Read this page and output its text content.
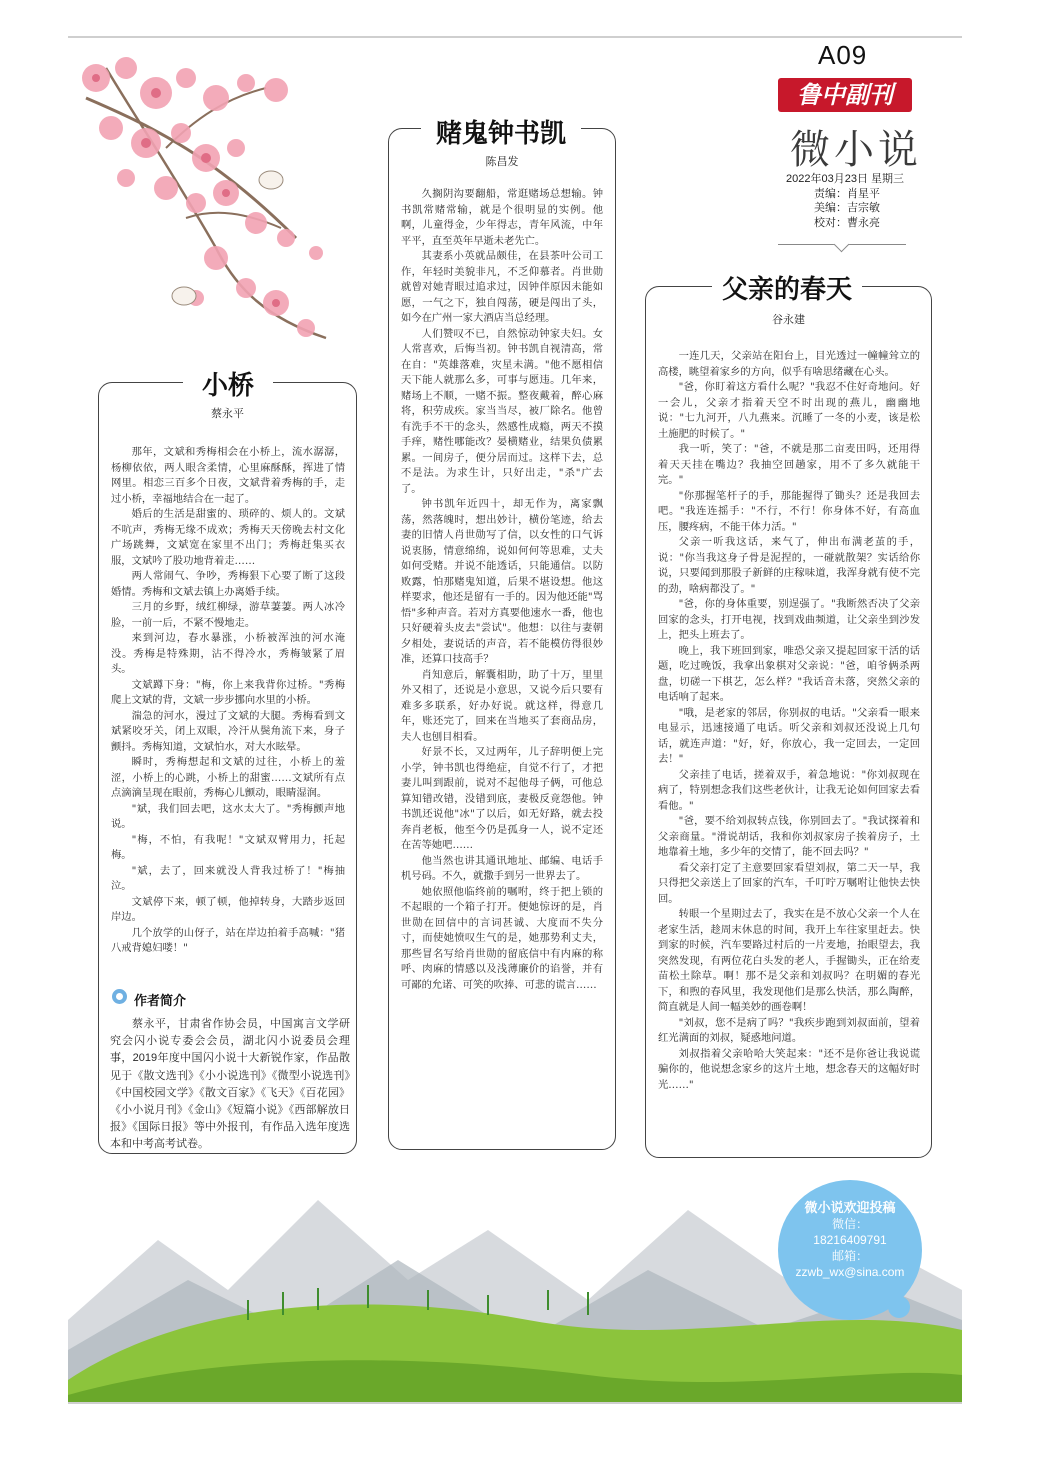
A09
鲁中副刊
微小说
2022年03月23日 星期三
责编：肖星平
美编：吉宗敏
校对：曹永亮
小桥
蔡永平

那年，文斌和秀梅相会在小桥上，流水潺潺，杨柳依依，两人眼含柔情，心里麻酥酥，挥进了情网里。相恋三百多个日夜，文斌背着秀梅的手，走过小桥，幸福地结合在一起了。

婚后的生活是甜蜜的、琐碎的、烦人的。文斌不吭声，秀梅无缘不成欢；秀梅天天傍晚去村文化广场跳舞，文斌宽在家里不出门；秀梅赶集买衣服，文斌吟了股功地背着走……

两人常闹气、争吵，秀梅狠下心要了断了这段婚情。秀梅和文斌去镇上办离婚手续。

三月的乡野，绒红柳绿，游草萋萋。两人冰冷脸，一前一后，不紧不慢地走。

来到河边，春水暴涨，小桥被浑浊的河水淹没。秀梅是特殊期，沾不得冷水，秀梅皱紧了眉头。

文斌蹲下身："梅，你上来我背你过桥。"秀梅爬上文斌的背，文斌一步步挪向水里的小桥。

湍急的河水，漫过了文斌的大腿。秀梅看到文斌紧咬牙关，闭上双眼，冷汗从鬓角流下来，身子颤抖。秀梅知道，文斌怕水，对大水眩晕。

瞬时，秀梅想起和文斌的过往，小桥上的羞涩，小桥上的心跳，小桥上的甜蜜……文斌所有点点滴滴呈现在眼前，秀梅心儿颤动，眼睛湿润。

"斌，我们回去吧，这水太大了。"秀梅颤声地说。

"梅，不怕，有我呢！"文斌双臂用力，托起梅。

"斌，去了，回来就没人背我过桥了！"梅抽泣。

文斌停下来，顿了顿，他掉转身，大踏步返回岸边。

几个放学的山伢子，站在岸边拍着手高喊："猪八戒背媳妇喽！"

作者简介

蔡永平，甘肃省作协会员，中国寓言文学研究会闪小说专委会会员，湖北闪小说委员会理事，2019年度中国闪小说十大新锐作家，作品散见于《散文选刊》《小小说选刊》《微型小说选刊》《中国校园文学》《散文百家》《飞天》《百花园》《小小说月刊》《金山》《短篇小说》《西部解放日报》《国际日报》等中外报刊，有作品入选年度选本和中考高考试卷。

赌鬼钟书凯
陈昌发

久搁阴沟要翻船，常逛赌场总想输。钟书凯常赌常输，就是个很明显的实例。他啊，儿童得金，少年得志，青年风流，中年平平，直至英年早逝未老先亡。

其妻系小英就品颇佳，在县茶叶公司工作，年轻时美貌非凡，不乏仰慕者。肖世勋就曾对她青眼过追求过，因钟伴原因未能如愿，一气之下，独自闯荡，硬是闯出了头，如今在广州一家大酒店当总经理。

人们赞叹不已，自然惊动钟家夫妇。女人常喜欢，后悔当初。钟书凯自视清高，常在自："英雄落难，灾星未满。"他不愿相信天下能人就那么多，可事与愿违。几年来，赌场上不顺，一赌不振。整夜戴着，醉心麻将，积劳成疾。家当当尽，被厂除名。他曾有洗手不干的念头，然感性成瘾，两天不摸手痒，赌性哪能改？晏横赌业，结果负债累累。一间房子，便分居而过。这样下去，总不是法。为求生计，只好出走，"杀"广去了。

钟书凯年近四十，却无作为，离家飘荡，然落魄时，想出妙计，横份笔迹，给去妻的旧情人肖世勋写了信，以女性的口气诉说衷肠，情意绵绵，说如何何等思难，丈夫如何受赌。并说不能透话，只能通信。以防败露，怕那赌鬼知道，后果不堪设想。他这样要求，他还是留有一手的。因为他还能"骂悟"多种声音。若对方真要他速水一番，他也只好硬着头皮去"尝试"。他想：以往与妻朝夕相处，妻说话的声音，若不能模仿得很妙准，还算口技高手？

肖知意后，解囊相助，助了十万，里里外又相了，还说是小意思，又说今后只要有难多多联系，好办好说。就这样，得意几年，账还完了，回来在当地买了套商品房，夫人也刨目相看。

好景不长，又过两年，儿子辞明便上完小学，钟书凯也得绝症，自觉不行了，才把妻儿叫到跟前，说对不起他母子俩，可他总算知错改错，没错到底，妻极反竟怨他。钟书凯还说他"冰"了以后，如无好路，就去投奔肖老板，他至今仍是孤身一人，说不定还在苦等她吧……

他当然也讲其通讯地址、邮编、电话手机号码。不久，就撒手到另一世界去了。

她依照他临终前的嘱咐，终于把上锁的不起眼的一个箱子打开。便她惊讶的是，肖世勋在回信中的言词甚诚、大度而不失分寸，而使她愤叹生气的是，她那势利丈夫，那些冒名写给肖世勋的留底信中有内麻的称呼、肉麻的情感以及浅薄廉价的谄誉，并有可鄙的允诺、可笑的吹捧、可悲的谎言……

父亲的春天
谷永建

一连几天，父亲站在阳台上，目光透过一幢幢耸立的高楼，眺望着家乡的方向，似乎有啥思绪藏在心头。

"爸，你盯着这方看什么呢？"我忍不住好奇地问。好一会儿，父亲才指着天空不时出现的燕儿，幽幽地说："七九河开，八九燕来。沉睡了一冬的小麦，该是松土施肥的时候了。"

我一听，笑了："爸，不就是那二亩麦田吗，还用得着天天挂在嘴边？我抽空回趟家，用不了多久就能干完。"

"你那握笔杆子的手，那能握得了锄头？还是我回去吧。"我连连摇手："不行，不行！你身体不好，有高血压，腰疼病，不能干体力活。"

父亲一听我这话，来气了，伸出布满老茧的手，说："你当我这身子骨是泥捏的，一碰就散架？实话给你说，只要闻到那股子新鲜的庄稼味道，我浑身就有使不完的劲，啥病都没了。"

"爸，你的身体重要，别逞强了。"我断然否决了父亲回家的念头，打开电视，找到戏曲频道，让父亲坐到沙发上，把头上班去了。

晚上，我下班回到家，唯恐父亲又提起回家干活的话题，吃过晚饭，我拿出象棋对父亲说："爸，咱爷俩杀两盘，切磋一下棋艺，怎么样？"我话音未落，突然父亲的电话响了起来。

"哦，是老家的邻居，你别叔的电话。"父亲看一眼来电显示，迅速接通了电话。听父亲和刘叔还没说上几句话，就连声道："好，好，你放心，我一定回去，一定回去！"

父亲挂了电话，搓着双手，着急地说："你刘叔现在病了，特别想念我们这些老伙计，让我无论如何回家去看看他。"

"爸，要不给刘叔转点钱，你别回去了。"我试探着和父亲商量。"滑说胡话，我和你刘叔家房子挨着房子，土地靠着土地，多少年的交情了，能不回去吗？"

看父亲打定了主意要回家看望刘叔，第二天一早，我只得把父亲送上了回家的汽车，千叮咛万嘱咐让他快去快回。

转眼一个星期过去了，我实在是不放心父亲一个人在老家生活，趁周末休息的时间，我开上车往家里赶去。快到家的时候，汽车要路过村后的一片麦地，抬眼望去，我突然发现，有两位花白头发的老人，手握锄头，正在给麦苗松土除草。啊！那不是父亲和刘叔吗？在明媚的春光下，和煦的春风里，我发现他们是那么快活，那么陶醉，简直就是人间一幅美妙的画卷啊！

"刘叔，您不是病了吗？"我疾步跑到刘叔面前，望着红光满面的刘叔，疑惑地问道。

刘叔指着父亲哈哈大笑起来："还不是你爸让我说谎骗你的，他说想念家乡的这片土地，想念春天的这幅好时光……"

微小说欢迎投稿
微信：
18216409791
邮箱：
zzwb_wx@sina.com
